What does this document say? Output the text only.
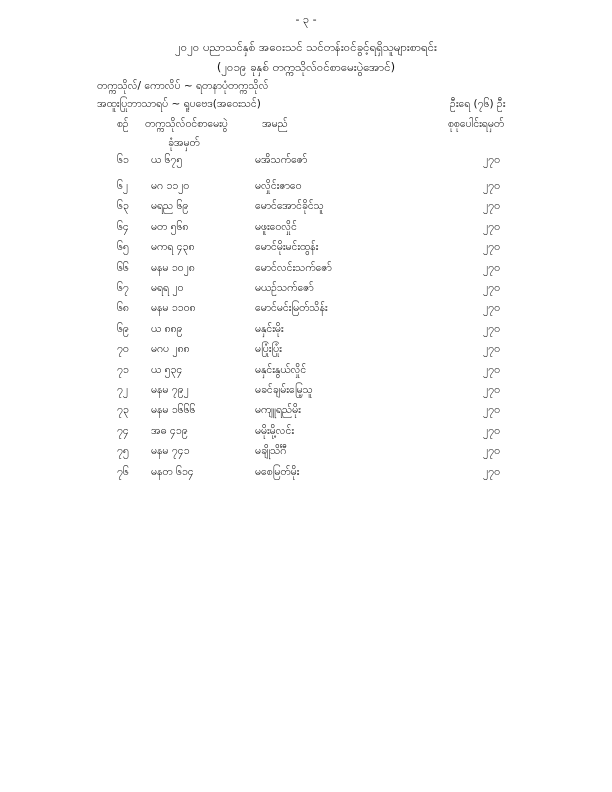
- ၃ -
၂၀၂၀ ပညာသင်နှစ် အဝေးသင် သင်တန်းဝင်ခွင့်ရရှိသူများစာရင်း
(၂၀၁၉ ခုနှစ် တက္ကသိုလ်ဝင်စာမေးပွဲအောင်)
တက္ကသိုလ်/ ကောလိပ် ~ ရတနာပုံတက္ကသိုလ်
အထူးပြုဘာသာရပ် ~ ရူပဗေဒ(အဝေးသင်)	ဦးရေ (၇၆) ဦး
စဉ် တက္ကသိုလ်ဝင်စာမေးပွဲ
ခုံအမှတ်
အမည်	စုစုပေါင်းရမှတ်
၆၁ ယ ၆၇၅	မအိသက်ဇော်	၂၇၀
၆၂ မဂ ၁၁၂၀	မလှိုင်းဇာဝေ	၂၇၀
၆၃ မရည ၆၉	မောင်အောင်ခိုင်သူ	၂၇၀
၆၄ မတ ၅၆၈	မဖူးဝေလှိုင်	၂၇၀
၆၅ မကရ ၄၃၈	မောင်မိုးမင်းထွန်း	၂၇၀
၆၆ မနမ ၁၀၂၈	မောင်လင်းသက်ဇော်	၂၇၀
၆၇ မရရ ၂၀	မယဉ်သက်ဇော်	၂၇၀
၆၈ မနမ ၁၁၀၈	မောင်မင်းမြတ်သိန်း	၂၇၀
၆၉ ယ ၈၈၉	မနှင်းမိုး	၂၇၀
၇၀ မဂပ ၂၈၈	မပြုံးပြုံး	၂၇၀
၇၁ ယ ၅၃၄	မနှင်းနွယ်လှိုင်	၂၇၀
၇၂ မနမ ၇၉၂	မခင်ချမ်းမြေ့သူ	၂၇၀
၇၃ မနမ ၁၆၆၆	မကျူရည်မိုး	၂၇၀
၇၄ အဓ ၄၁၉	မမိုးမို့လင်း	၂၇၀
၇၅ မနမ ၇၄၁	မချိုသိင်္ဂီ	၂၇၀
၇၆ မနတ ၆၁၄	မစေမြတ်မိုး	၂၇၀
